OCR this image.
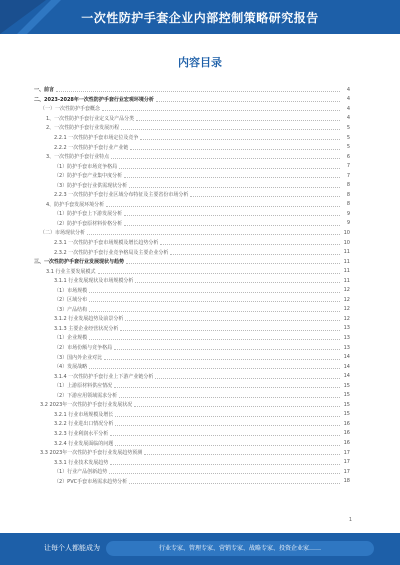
一次性防护手套企业内部控制策略研究报告
内容目录
一、前言	4
二、2023-2028年一次性防护手套行业宏观环境分析	4
（一）一次性防护手套概念	4
1、一次性防护手套行业定义及产品分类	4
2、一次性防护手套行业发展历程	5
2.2.1 一次性防护手套市场定位及竞争	5
2.2.2 一次性防护手套行业产业链	5
3、一次性防护手套行业特点	6
（1）防护手套市场竞争格局	7
（2）防护手套产业集中度分析	7
（3）防护手套行业供需现状分析	8
2.2.3 一次性防护手套行业区域分布特征及主要省份市场分析	8
4、防护手套发展环境分析	8
（1）防护手套上下游发展分析	9
（2）防护手套原材料价格分析	9
（二）市场现状分析	10
2.3.1 一次性防护手套市场规模及增长趋势分析	10
2.3.2 一次性防护手套行业竞争格局及主要企业分析	11
三、一次性防护手套行业发展现状与趋势	11
3.1 行业主要发展模式	11
3.1.1 行业发展现状及市场规模分析	11
（1）市场规模	12
（2）区域分布	12
（3）产品结构	12
3.1.2 行业发展趋势及前景分析	12
3.1.3 主要企业经营状况分析	13
（1）企业规模	13
（2）市场份额与竞争格局	13
（3）国内外企业对比	14
（4）发展战略	14
3.1.4 一次性防护手套行业上下游产业链分析	14
（1）上游原材料供应情况	15
（2）下游应用领域需求分析	15
3.2 2023年一次性防护手套行业发展状况	15
3.2.1 行业市场规模及增长	15
3.2.2 行业进出口情况分析	16
3.2.3 行业利润水平分析	16
3.2.4 行业发展面临的问题	16
3.3 2023年一次性防护手套行业发展趋势预测	17
3.3.1 行业技术发展趋势	17
（1）行业产品创新趋势	17
（2）PVC手套市场需求趋势分析	18
1
让每个人都能成为	行业专家、管理专家、营销专家、战略专家、投资企业家……
